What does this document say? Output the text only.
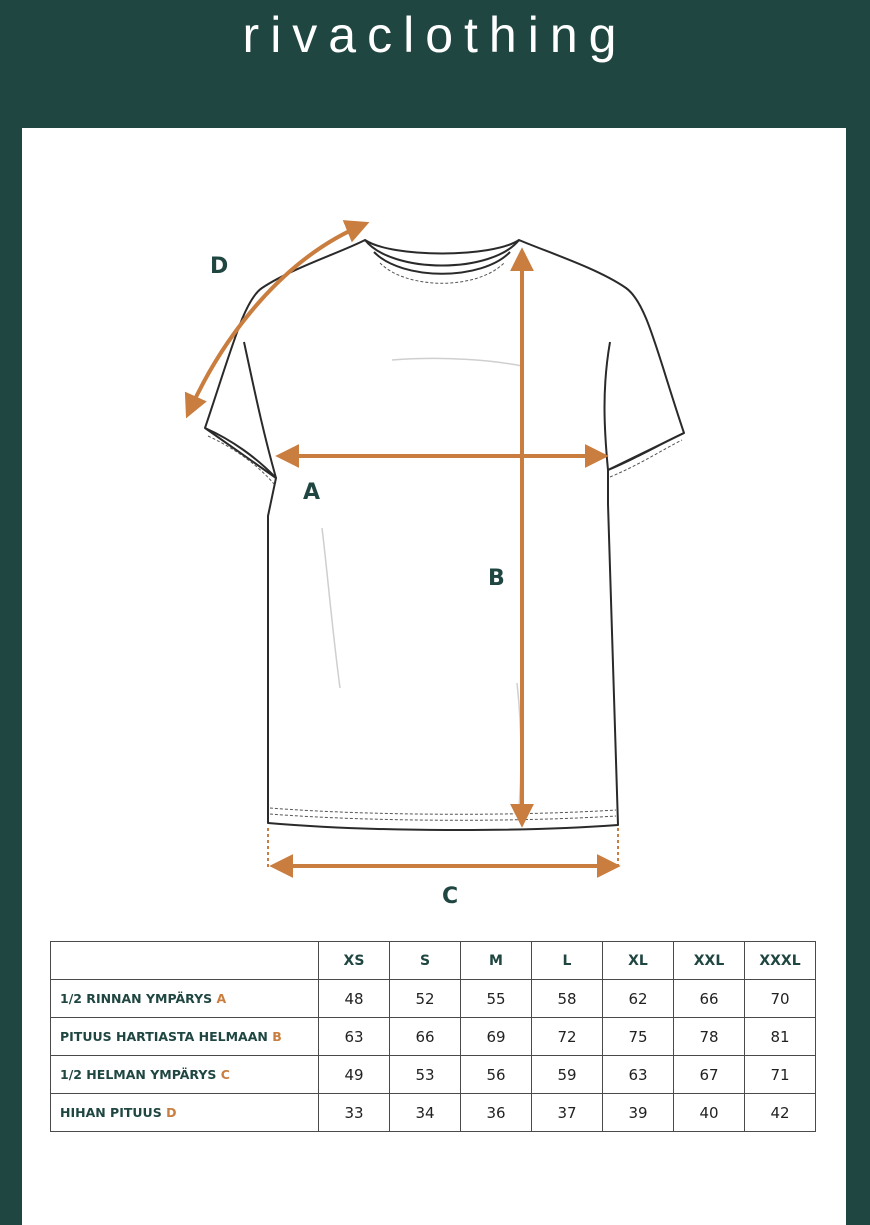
rivaclothing
D
A
B
C
	XS	S	M	L	XL	XXL	XXXL
1/2 RINNAN YMPÄRYS A	48	52	55	58	62	66	70
PITUUS HARTIASTA HELMAAN B	63	66	69	72	75	78	81
1/2 HELMAN YMPÄRYS C	49	53	56	59	63	67	71
HIHAN PITUUS D	33	34	36	37	39	40	42
